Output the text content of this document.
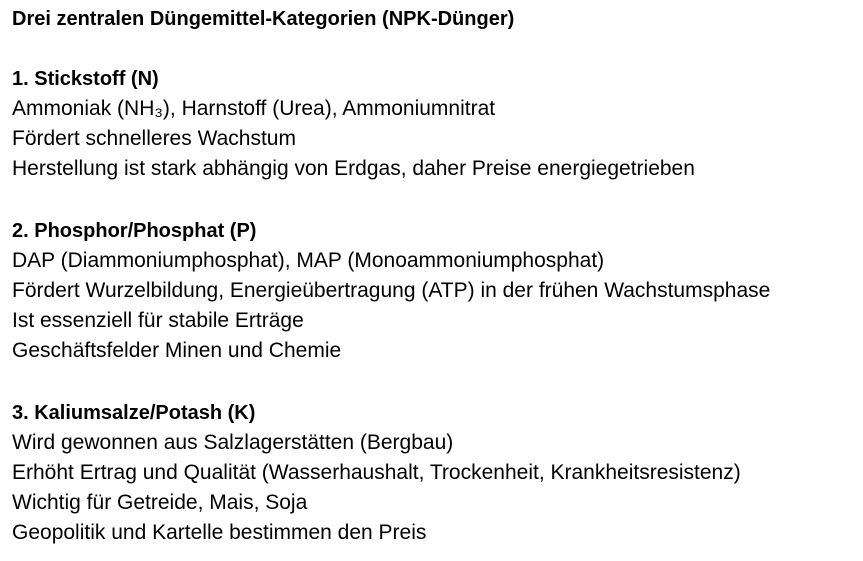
Drei zentralen Düngemittel-Kategorien (NPK-Dünger)
1. Stickstoff (N)
Ammoniak (NH₃), Harnstoff (Urea), Ammoniumnitrat
Fördert schnelleres Wachstum
Herstellung ist stark abhängig von Erdgas, daher Preise energiegetrieben
2. Phosphor/Phosphat (P)
DAP (Diammoniumphosphat), MAP (Monoammoniumphosphat)
Fördert Wurzelbildung, Energieübertragung (ATP) in der frühen Wachstumsphase
Ist essenziell für stabile Erträge
Geschäftsfelder Minen und Chemie
3. Kaliumsalze/Potash (K)
Wird gewonnen aus Salzlagerstätten (Bergbau)
Erhöht Ertrag und Qualität (Wasserhaushalt, Trockenheit, Krankheitsresistenz)
Wichtig für Getreide, Mais, Soja
Geopolitik und Kartelle bestimmen den Preis
